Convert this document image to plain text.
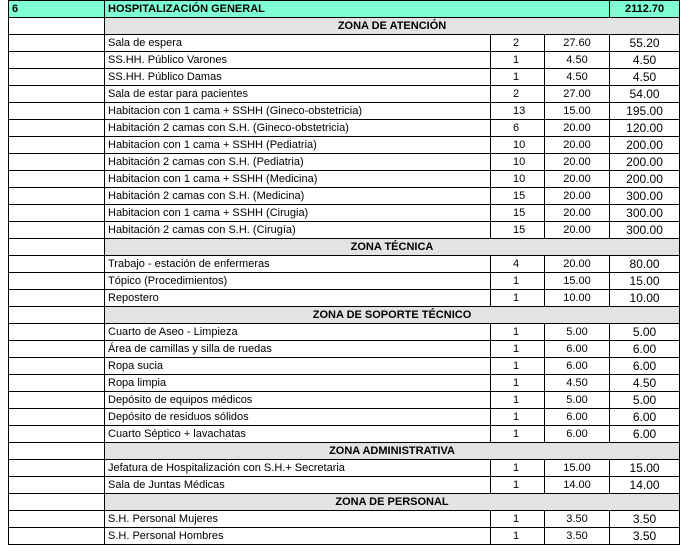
6	HOSPITALIZACIÓN GENERAL			2112.70
	ZONA DE ATENCIÓN			
	Sala de espera	2	27.60	55.20
	SS.HH. Público Varones	1	4.50	4.50
	SS.HH. Público Damas	1	4.50	4.50
	Sala de estar para pacientes	2	27.00	54.00
	Habitacion con 1 cama + SSHH (Gineco-obstetricia)	13	15.00	195.00
	Habitación 2 camas con S.H. (Gineco-obstetricia)	6	20.00	120.00
	Habitacion con 1 cama + SSHH (Pediatria)	10	20.00	200.00
	Habitación 2 camas con S.H. (Pediatria)	10	20.00	200.00
	Habitacion con 1 cama + SSHH (Medicina)	10	20.00	200.00
	Habitación 2 camas con S.H. (Medicina)	15	20.00	300.00
	Habitacion con 1 cama + SSHH (Cirugia)	15	20.00	300.00
	Habitación 2 camas con S.H. (Cirugía)	15	20.00	300.00
	ZONA TÉCNICA			
	Trabajo - estación de enfermeras	4	20.00	80.00
	Tópico (Procedimientos)	1	15.00	15.00
	Repostero	1	10.00	10.00
	ZONA DE SOPORTE TÉCNICO			
	Cuarto de Aseo - Limpieza	1	5.00	5.00
	Área de camillas y silla de ruedas	1	6.00	6.00
	Ropa sucia	1	6.00	6.00
	Ropa limpia	1	4.50	4.50
	Depósito de equipos médicos	1	5.00	5.00
	Depósito de residuos sólidos	1	6.00	6.00
	Cuarto Séptico + lavachatas	1	6.00	6.00
	ZONA ADMINISTRATIVA			
	Jefatura de Hospitalización con S.H.+ Secretaria	1	15.00	15.00
	Sala de Juntas Médicas	1	14.00	14.00
	ZONA DE PERSONAL			
	S.H. Personal Mujeres	1	3.50	3.50
	S.H. Personal Hombres	1	3.50	3.50
